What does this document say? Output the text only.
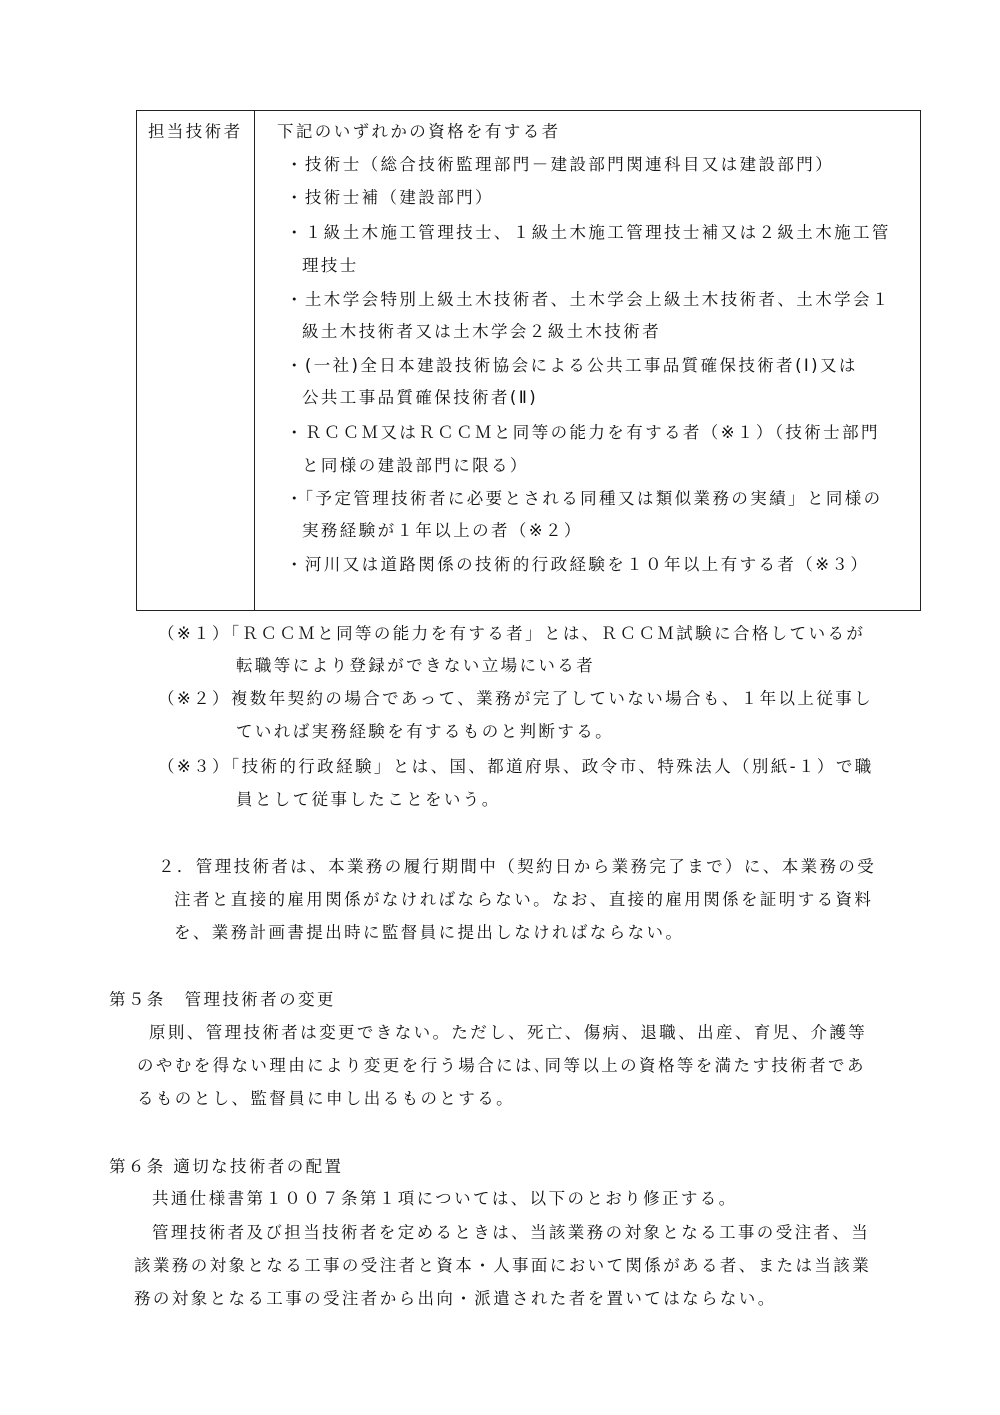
担当技術者 下記のいずれかの資格を有する者
・技術士（総合技術監理部門－建設部門関連科目又は建設部門）
・技術士補（建設部門）
・１級土木施工管理技士、１級土木施工管理技士補又は２級土木施工管
理技士
・土木学会特別上級土木技術者、土木学会上級土木技術者、土木学会１
級土木技術者又は土木学会２級土木技術者
・(一社)全日本建設技術協会による公共工事品質確保技術者(Ⅰ)又は
公共工事品質確保技術者(Ⅱ)
・ＲＣＣＭ又はＲＣＣＭと同等の能力を有する者（※１）（技術士部門
と同様の建設部門に限る）
・「予定管理技術者に必要とされる同種又は類似業務の実績」と同様の
実務経験が１年以上の者（※２）
・河川又は道路関係の技術的行政経験を１０年以上有する者（※３）
（※１）「ＲＣＣＭと同等の能力を有する者」とは、ＲＣＣＭ試験に合格しているが
転職等により登録ができない立場にいる者
（※２）複数年契約の場合であって、業務が完了していない場合も、１年以上従事し
ていれば実務経験を有するものと判断する。
（※３）「技術的行政経験」とは、国、都道府県、政令市、特殊法人（別紙-１）で職
員として従事したことをいう。
２．管理技術者は、本業務の履行期間中（契約日から業務完了まで）に、本業務の受
注者と直接的雇用関係がなければならない。なお、直接的雇用関係を証明する資料
を、業務計画書提出時に監督員に提出しなければならない。
第５条　管理技術者の変更
原則、管理技術者は変更できない。ただし、死亡、傷病、退職、出産、育児、介護等
のやむを得ない理由により変更を行う場合には､同等以上の資格等を満たす技術者であ
るものとし、監督員に申し出るものとする。
第６条 適切な技術者の配置
共通仕様書第１００７条第１項については、以下のとおり修正する。
管理技術者及び担当技術者を定めるときは、当該業務の対象となる工事の受注者、当
該業務の対象となる工事の受注者と資本・人事面において関係がある者、または当該業
務の対象となる工事の受注者から出向・派遣された者を置いてはならない。
